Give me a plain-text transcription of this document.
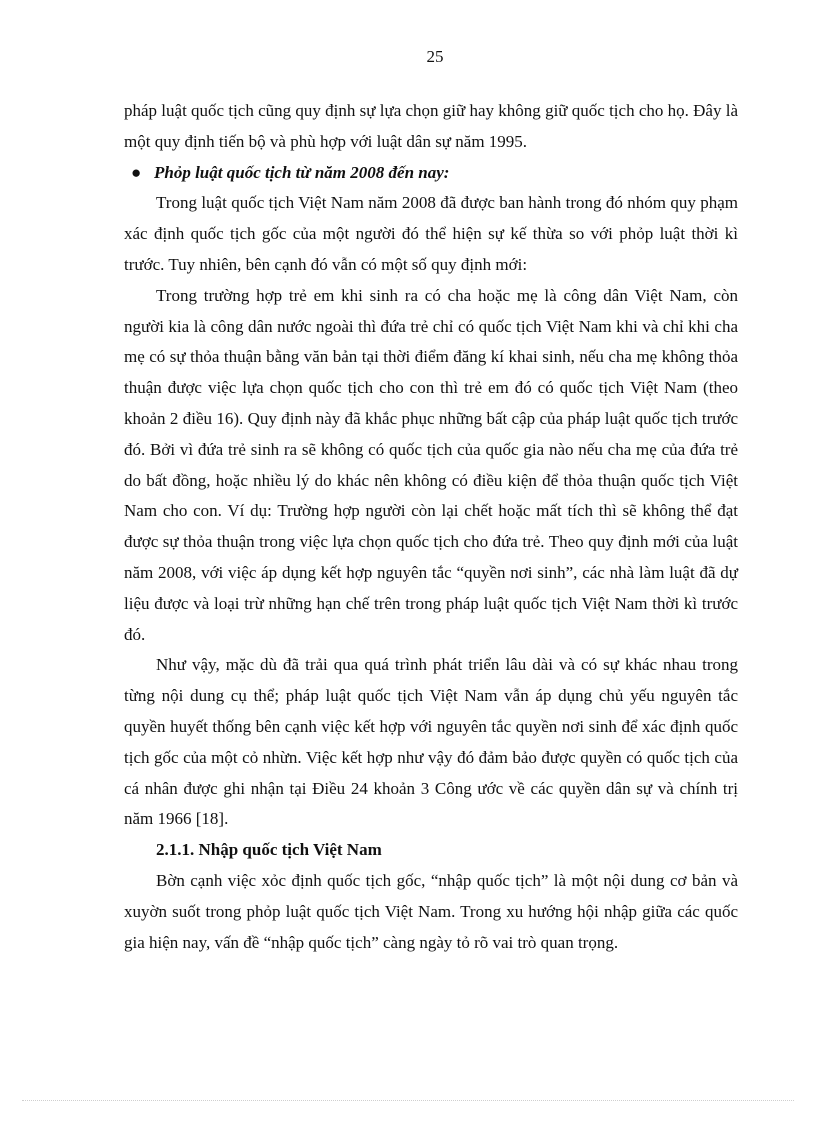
25

pháp luật quốc tịch cũng quy định sự lựa chọn giữ hay không giữ quốc tịch cho họ. Đây là một quy định tiến bộ và phù hợp với luật dân sự năm 1995.

● Phỏp luật quốc tịch từ năm 2008 đến nay:

Trong luật quốc tịch Việt Nam năm 2008 đã được ban hành trong đó nhóm quy phạm xác định quốc tịch gốc của một người đó thể hiện sự kế thừa so với phỏp luật thời kì trước. Tuy nhiên, bên cạnh đó vẫn có một số quy định mới:

Trong trường hợp trẻ em khi sinh ra có cha hoặc mẹ là công dân Việt Nam, còn người kia là công dân nước ngoài thì đứa trẻ chỉ có quốc tịch Việt Nam khi và chỉ khi cha mẹ có sự thỏa thuận bằng văn bản tại thời điểm đăng kí khai sinh, nếu cha mẹ không thỏa thuận được việc lựa chọn quốc tịch cho con thì trẻ em đó có quốc tịch Việt Nam (theo khoản 2 điều 16). Quy định này đã khắc phục những bất cập của pháp luật quốc tịch trước đó. Bởi vì đứa trẻ sinh ra sẽ không có quốc tịch của quốc gia nào nếu cha mẹ của đứa trẻ do bất đồng, hoặc nhiều lý do khác nên không có điều kiện để thỏa thuận quốc tịch Việt Nam cho con. Ví dụ: Trường hợp người còn lại chết hoặc mất tích thì sẽ không thể đạt được sự thỏa thuận trong việc lựa chọn quốc tịch cho đứa trẻ. Theo quy định mới của luật năm 2008, với việc áp dụng kết hợp nguyên tắc “quyền nơi sinh”, các nhà làm luật đã dự liệu được và loại trừ những hạn chế trên trong pháp luật quốc tịch Việt Nam thời kì trước đó.

Như vậy, mặc dù đã trải qua quá trình phát triển lâu dài và có sự khác nhau trong từng nội dung cụ thể; pháp luật quốc tịch Việt Nam vẫn áp dụng chủ yếu nguyên tắc quyền huyết thống bên cạnh việc kết hợp với nguyên tắc quyền nơi sinh để xác định quốc tịch gốc của một cỏ nhừn. Việc kết hợp như vậy đó đảm bảo được quyền có quốc tịch của cá nhân được ghi nhận tại Điều 24 khoản 3 Công ước về các quyền dân sự và chính trị năm 1966 [18].

2.1.1. Nhập quốc tịch Việt Nam

Bờn cạnh việc xỏc định quốc tịch gốc, “nhập quốc tịch” là một nội dung cơ bản và xuyờn suốt trong phỏp luật quốc tịch Việt Nam. Trong xu hướng hội nhập giữa các quốc gia hiện nay, vấn đề “nhập quốc tịch” càng ngày tỏ rõ vai trò quan trọng.
